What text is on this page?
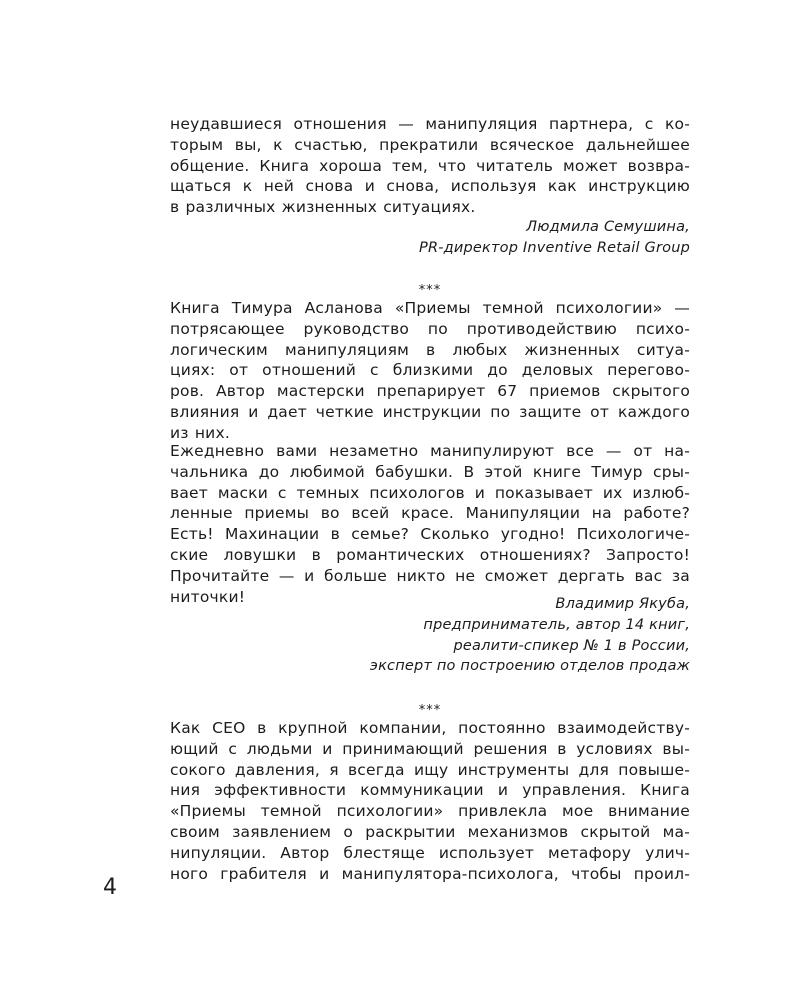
неудавшиеся отношения — манипуляция партнера, с ко-
торым вы, к счастью, прекратили всяческое дальнейшее
общение. Книга хороша тем, что читатель может возвра-
щаться к ней снова и снова, используя как инструкцию
в различных жизненных ситуациях.
Людмила Семушина,
PR-директор Inventive Retail Group
***
Книга Тимура Асланова «Приемы темной психологии» —
потрясающее руководство по противодействию психо-
логическим манипуляциям в любых жизненных ситуа-
циях: от отношений с близкими до деловых перегово-
ров. Автор мастерски препарирует 67 приемов скрытого
влияния и дает четкие инструкции по защите от каждого
из них.
Ежедневно вами незаметно манипулируют все — от на-
чальника до любимой бабушки. В этой книге Тимур сры-
вает маски с темных психологов и показывает их излюб-
ленные приемы во всей красе. Манипуляции на работе?
Есть! Махинации в семье? Сколько угодно! Психологиче-
ские ловушки в романтических отношениях? Запросто!
Прочитайте — и больше никто не сможет дергать вас за
ниточки!	Владимир Якуба,
предприниматель, автор 14 книг,
реалити-спикер № 1 в России,
эксперт по построению отделов продаж
***
Как CEO в крупной компании, постоянно взаимодейству-
ющий с людьми и принимающий решения в условиях вы-
сокого давления, я всегда ищу инструменты для повыше-
ния эффективности коммуникации и управления. Книга
«Приемы темной психологии» привлекла мое внимание
своим заявлением о раскрытии механизмов скрытой ма-
нипуляции. Автор блестяще использует метафору улич-
ного грабителя и манипулятора-психолога, чтобы проил-
4
